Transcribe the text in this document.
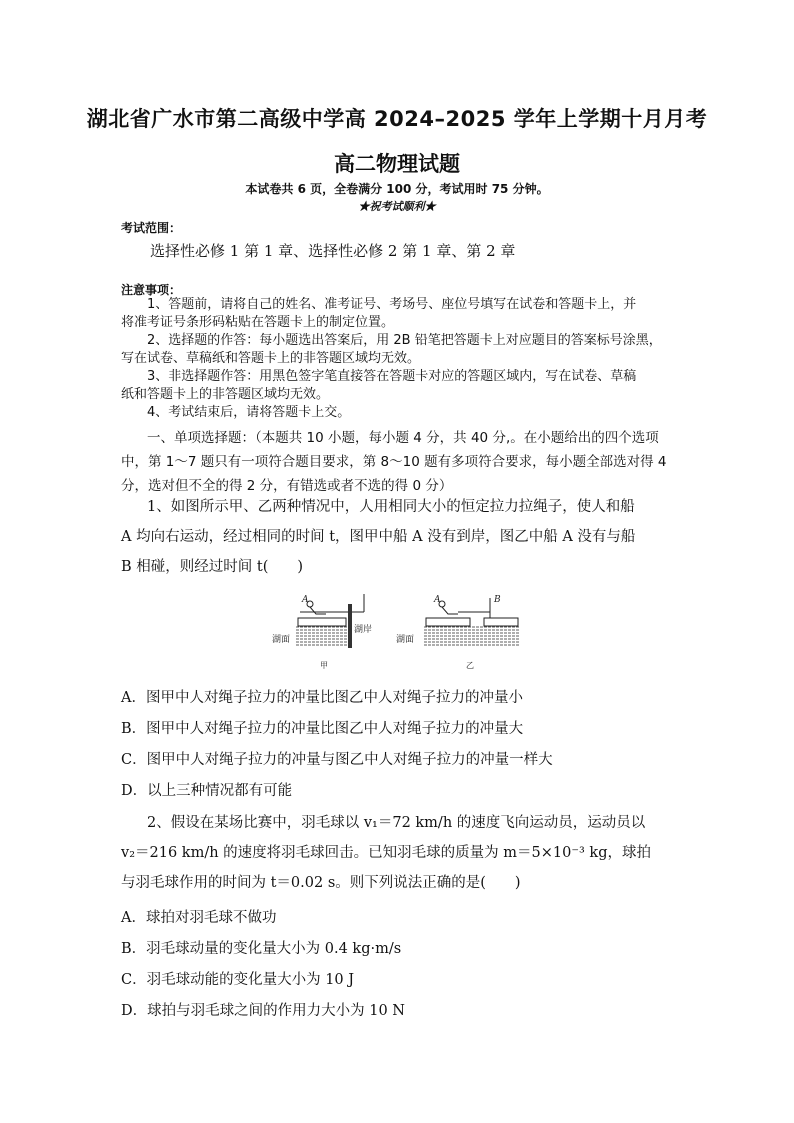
湖北省广水市第二高级中学高 2024–2025 学年上学期十月月考
高二物理试题
本试卷共 6 页，全卷满分 100 分，考试用时 75 分钟。
★祝考试顺利★
考试范围：
选择性必修 1 第 1 章、选择性必修 2 第 1 章、第 2 章
注意事项：
1、答题前，请将自己的姓名、准考证号、考场号、座位号填写在试卷和答题卡上，并
将准考证号条形码粘贴在答题卡上的制定位置。
2、选择题的作答：每小题选出答案后，用 2B 铅笔把答题卡上对应题目的答案标号涂黑，
写在试卷、草稿纸和答题卡上的非答题区域均无效。
3、非选择题作答：用黑色签字笔直接答在答题卡对应的答题区域内，写在试卷、草稿
纸和答题卡上的非答题区域均无效。
4、考试结束后，请将答题卡上交。
一、单项选择题：（本题共 10 小题，每小题 4 分，共 40 分,。在小题给出的四个选项
中，第 1～7 题只有一项符合题目要求，第 8～10 题有多项符合要求，每小题全部选对得 4
分，选对但不全的得 2 分，有错选或者不选的得 0 分）
1、如图所示甲、乙两种情况中，人用相同大小的恒定拉力拉绳子，使人和船
A 均向右运动，经过相同的时间 t，图甲中船 A 没有到岸，图乙中船 A 没有与船
B 相碰，则经过时间 t(　　)
A
湖面
湖岸
甲
A	B
湖面
乙
A．图甲中人对绳子拉力的冲量比图乙中人对绳子拉力的冲量小
B．图甲中人对绳子拉力的冲量比图乙中人对绳子拉力的冲量大
C．图甲中人对绳子拉力的冲量与图乙中人对绳子拉力的冲量一样大
D．以上三种情况都有可能
2、假设在某场比赛中，羽毛球以 v₁＝72 km/h 的速度飞向运动员，运动员以
v₂＝216 km/h 的速度将羽毛球回击。已知羽毛球的质量为 m＝5×10⁻³ kg，球拍
与羽毛球作用的时间为 t＝0.02 s。则下列说法正确的是(　　)
A．球拍对羽毛球不做功
B．羽毛球动量的变化量大小为 0.4 kg·m/s
C．羽毛球动能的变化量大小为 10 J
D．球拍与羽毛球之间的作用力大小为 10 N
